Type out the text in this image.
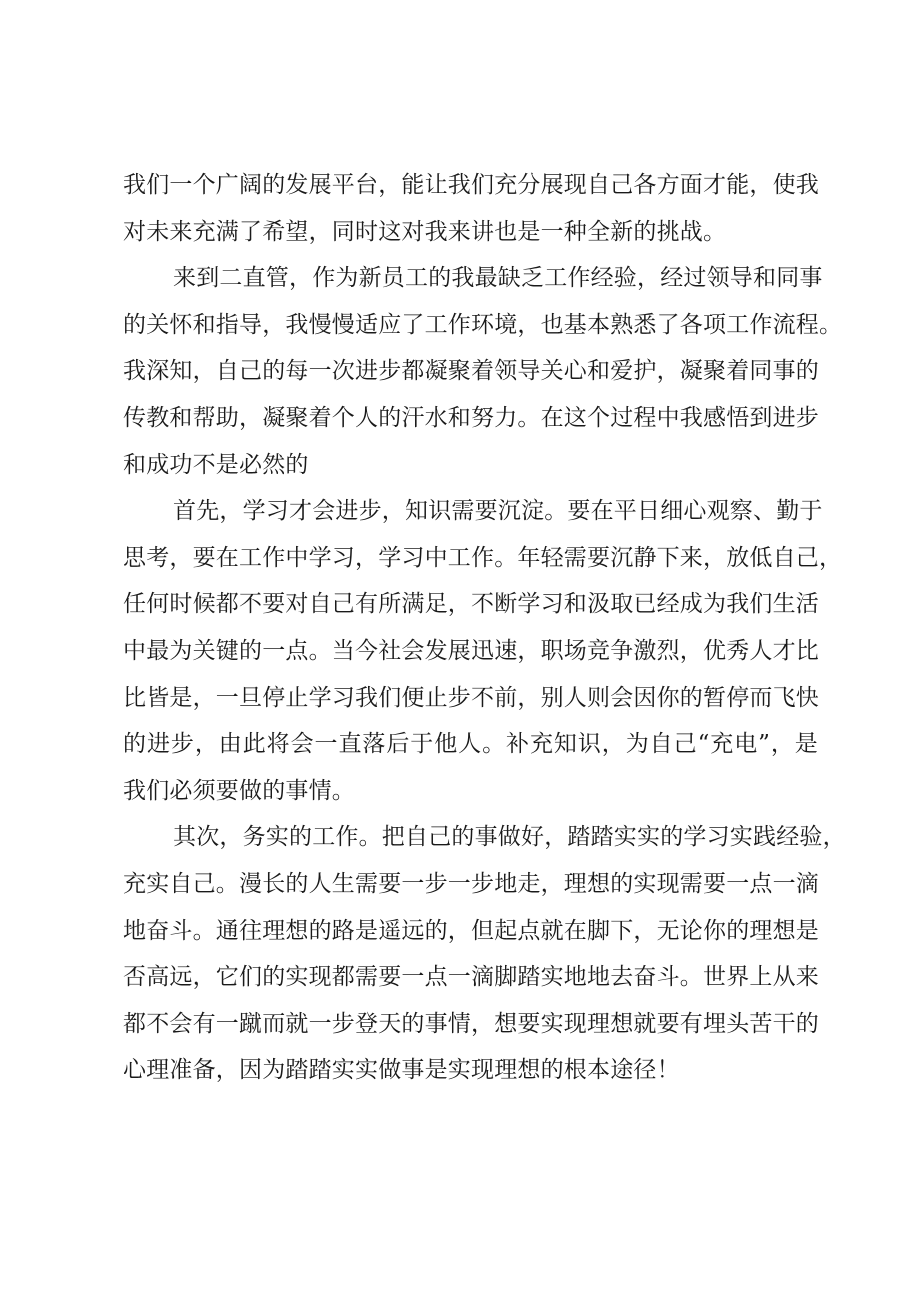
我们一个广阔的发展平台，能让我们充分展现自己各方面才能，使我
对未来充满了希望，同时这对我来讲也是一种全新的挑战。
来到二直管，作为新员工的我最缺乏工作经验，经过领导和同事
的关怀和指导，我慢慢适应了工作环境，也基本熟悉了各项工作流程。
我深知，自己的每一次进步都凝聚着领导关心和爱护，凝聚着同事的
传教和帮助，凝聚着个人的汗水和努力。在这个过程中我感悟到进步
和成功不是必然的
首先，学习才会进步，知识需要沉淀。要在平日细心观察、勤于
思考，要在工作中学习，学习中工作。年轻需要沉静下来，放低自己，
任何时候都不要对自己有所满足，不断学习和汲取已经成为我们生活
中最为关键的一点。当今社会发展迅速，职场竞争激烈，优秀人才比
比皆是，一旦停止学习我们便止步不前，别人则会因你的暂停而飞快
的进步，由此将会一直落后于他人。补充知识，为自己“充电”，是
我们必须要做的事情。
其次，务实的工作。把自己的事做好，踏踏实实的学习实践经验，
充实自己。漫长的人生需要一步一步地走，理想的实现需要一点一滴
地奋斗。通往理想的路是遥远的，但起点就在脚下，无论你的理想是
否高远，它们的实现都需要一点一滴脚踏实地地去奋斗。世界上从来
都不会有一蹴而就一步登天的事情，想要实现理想就要有埋头苦干的
心理准备，因为踏踏实实做事是实现理想的根本途径！
